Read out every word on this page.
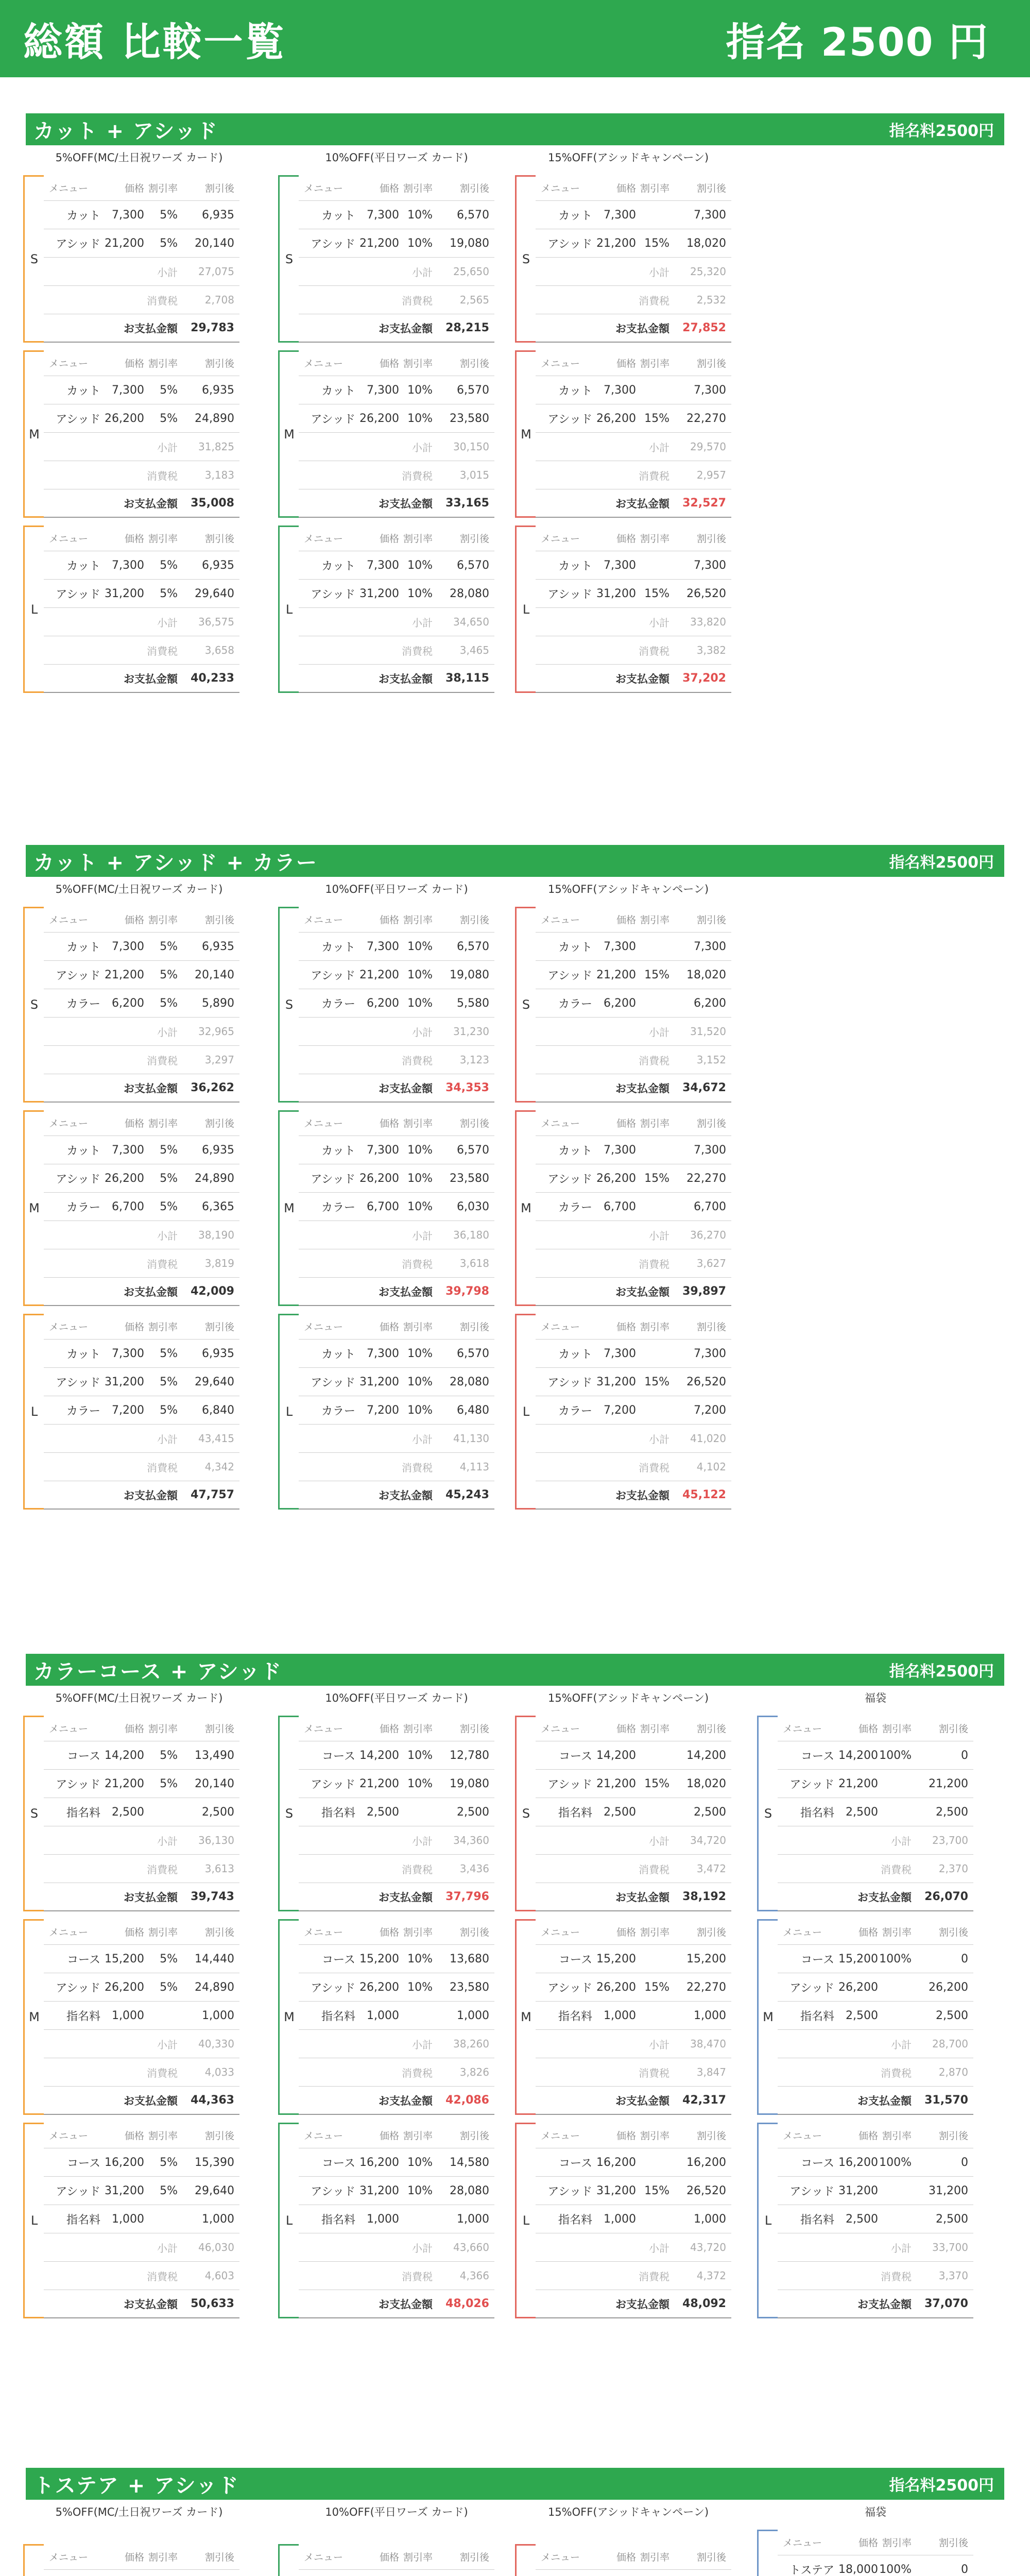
総額 比較一覧	指名 2500 円
カット + アシッド	指名料2500円
5%OFF(MC/土日祝ワーズ カード)	10%OFF(平日ワーズ カード)	15%OFF(アシッドキャンペーン)
S
メニュー	価格 割引率	割引後
カット	7,300	5%	6,935
アシッド 21,200	5%	20,140
小計	27,075
消費税	2,708
お支払金額	29,783
S
メニュー	価格 割引率	割引後
カット	7,300 10%	6,570
アシッド 21,200 10%	19,080
小計	25,650
消費税	2,565
お支払金額	28,215
S
メニュー	価格 割引率	割引後
カット	7,300	7,300
アシッド 21,200 15%	18,020
小計	25,320
消費税	2,532
お支払金額	27,852
M
メニュー	価格 割引率	割引後
カット	7,300	5%	6,935
アシッド 26,200	5%	24,890
小計	31,825
消費税	3,183
お支払金額	35,008
M
メニュー	価格 割引率	割引後
カット	7,300 10%	6,570
アシッド 26,200 10%	23,580
小計	30,150
消費税	3,015
お支払金額	33,165
M
メニュー	価格 割引率	割引後
カット	7,300	7,300
アシッド 26,200 15%	22,270
小計	29,570
消費税	2,957
お支払金額	32,527
L
メニュー	価格 割引率	割引後
カット	7,300	5%	6,935
アシッド 31,200	5%	29,640
小計	36,575
消費税	3,658
お支払金額	40,233
L
メニュー	価格 割引率	割引後
カット	7,300 10%	6,570
アシッド 31,200 10%	28,080
小計	34,650
消費税	3,465
お支払金額	38,115
L
メニュー	価格 割引率	割引後
カット	7,300	7,300
アシッド 31,200 15%	26,520
小計	33,820
消費税	3,382
お支払金額	37,202
カット + アシッド + カラー	指名料2500円
5%OFF(MC/土日祝ワーズ カード)	10%OFF(平日ワーズ カード)	15%OFF(アシッドキャンペーン)
S
メニュー	価格 割引率	割引後
カット	7,300	5%	6,935
アシッド 21,200	5%	20,140
カラー	6,200	5%	5,890
小計	32,965
消費税	3,297
お支払金額	36,262
S
メニュー	価格 割引率	割引後
カット	7,300 10%	6,570
アシッド 21,200 10%	19,080
カラー	6,200 10%	5,580
小計	31,230
消費税	3,123
お支払金額	34,353
S
メニュー	価格 割引率	割引後
カット	7,300	7,300
アシッド 21,200 15%	18,020
カラー	6,200	6,200
小計	31,520
消費税	3,152
お支払金額	34,672
M
メニュー	価格 割引率	割引後
カット	7,300	5%	6,935
アシッド 26,200	5%	24,890
カラー	6,700	5%	6,365
小計	38,190
消費税	3,819
お支払金額	42,009
M
メニュー	価格 割引率	割引後
カット	7,300 10%	6,570
アシッド 26,200 10%	23,580
カラー	6,700 10%	6,030
小計	36,180
消費税	3,618
お支払金額	39,798
M
メニュー	価格 割引率	割引後
カット	7,300	7,300
アシッド 26,200 15%	22,270
カラー	6,700	6,700
小計	36,270
消費税	3,627
お支払金額	39,897
L
メニュー	価格 割引率	割引後
カット	7,300	5%	6,935
アシッド 31,200	5%	29,640
カラー	7,200	5%	6,840
小計	43,415
消費税	4,342
お支払金額	47,757
L
メニュー	価格 割引率	割引後
カット	7,300 10%	6,570
アシッド 31,200 10%	28,080
カラー	7,200 10%	6,480
小計	41,130
消費税	4,113
お支払金額	45,243
L
メニュー	価格 割引率	割引後
カット	7,300	7,300
アシッド 31,200 15%	26,520
カラー	7,200	7,200
小計	41,020
消費税	4,102
お支払金額	45,122
カラーコース + アシッド	指名料2500円
5%OFF(MC/土日祝ワーズ カード)	10%OFF(平日ワーズ カード)	15%OFF(アシッドキャンペーン)	福袋
S
メニュー	価格 割引率	割引後
コース 14,200	5%	13,490
アシッド 21,200	5%	20,140
指名料	2,500	2,500
小計	36,130
消費税	3,613
お支払金額	39,743
S
メニュー	価格 割引率	割引後
コース 14,200 10%	12,780
アシッド 21,200 10%	19,080
指名料	2,500	2,500
小計	34,360
消費税	3,436
お支払金額	37,796
S
メニュー	価格 割引率	割引後
コース 14,200	14,200
アシッド 21,200 15%	18,020
指名料	2,500	2,500
小計	34,720
消費税	3,472
お支払金額	38,192
S
メニュー	価格 割引率	割引後
コース 14,200 100%	0
アシッド 21,200	21,200
指名料	2,500	2,500
小計	23,700
消費税	2,370
お支払金額	26,070
M
メニュー	価格 割引率	割引後
コース 15,200	5%	14,440
アシッド 26,200	5%	24,890
指名料	1,000	1,000
小計	40,330
消費税	4,033
お支払金額	44,363
M
メニュー	価格 割引率	割引後
コース 15,200 10%	13,680
アシッド 26,200 10%	23,580
指名料	1,000	1,000
小計	38,260
消費税	3,826
お支払金額	42,086
M
メニュー	価格 割引率	割引後
コース 15,200	15,200
アシッド 26,200 15%	22,270
指名料	1,000	1,000
小計	38,470
消費税	3,847
お支払金額	42,317
M
メニュー	価格 割引率	割引後
コース 15,200 100%	0
アシッド 26,200	26,200
指名料	2,500	2,500
小計	28,700
消費税	2,870
お支払金額	31,570
L
メニュー	価格 割引率	割引後
コース 16,200	5%	15,390
アシッド 31,200	5%	29,640
指名料	1,000	1,000
小計	46,030
消費税	4,603
お支払金額	50,633
L
メニュー	価格 割引率	割引後
コース 16,200 10%	14,580
アシッド 31,200 10%	28,080
指名料	1,000	1,000
小計	43,660
消費税	4,366
お支払金額	48,026
L
メニュー	価格 割引率	割引後
コース 16,200	16,200
アシッド 31,200 15%	26,520
指名料	1,000	1,000
小計	43,720
消費税	4,372
お支払金額	48,092
L
メニュー	価格 割引率	割引後
コース 16,200 100%	0
アシッド 31,200	31,200
指名料	2,500	2,500
小計	33,700
消費税	3,370
お支払金額	37,070
トステア + アシッド	指名料2500円
5%OFF(MC/土日祝ワーズ カード)	10%OFF(平日ワーズ カード)	15%OFF(アシッドキャンペーン)	福袋
メニュー	価格 割引率	割引後	メニュー	価格 割引率	割引後	メニュー	価格 割引率	割引後
メニュー	価格 割引率	割引後
トステア 18,000 100%	0
